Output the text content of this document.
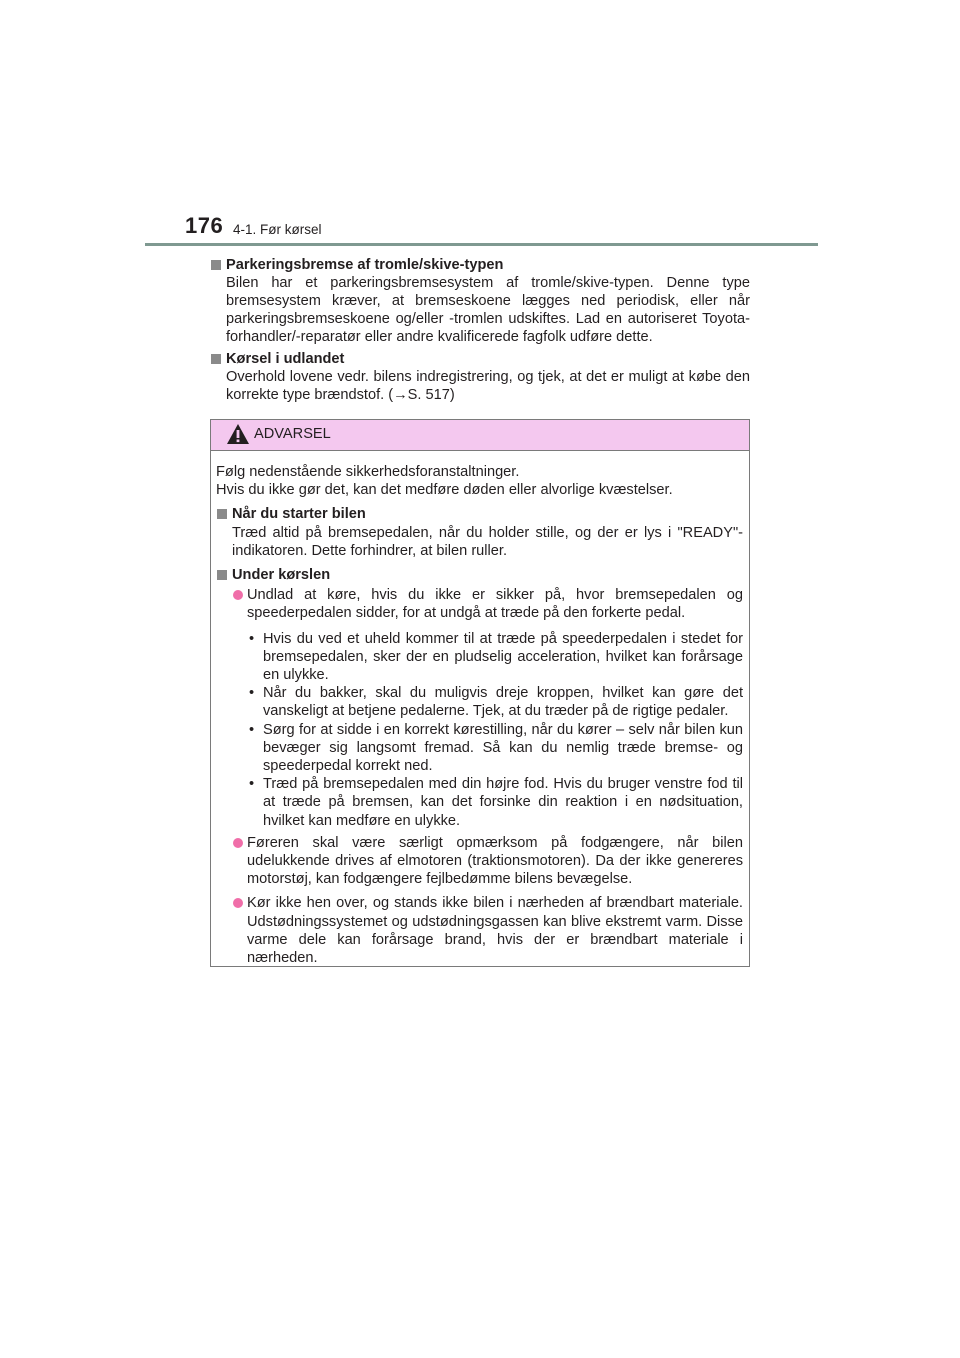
176 4-1. Før kørsel
Parkeringsbremse af tromle/skive-typen
Bilen har et parkeringsbremsesystem af tromle/skive-typen. Denne type bremsesystem kræver, at bremseskoene lægges ned periodisk, eller når parkeringsbremseskoene og/eller -tromlen udskiftes. Lad en autoriseret Toyota-forhandler/-reparatør eller andre kvalificerede fagfolk udføre dette.
Kørsel i udlandet
Overhold lovene vedr. bilens indregistrering, og tjek, at det er muligt at købe den korrekte type brændstof. (→S. 517)
ADVARSEL
Følg nedenstående sikkerhedsforanstaltninger.
Hvis du ikke gør det, kan det medføre døden eller alvorlige kvæstelser.
Når du starter bilen
Træd altid på bremsepedalen, når du holder stille, og der er lys i "READY"-indikatoren. Dette forhindrer, at bilen ruller.
Under kørslen
Undlad at køre, hvis du ikke er sikker på, hvor bremsepedalen og speederpedalen sidder, for at undgå at træde på den forkerte pedal.
• Hvis du ved et uheld kommer til at træde på speederpedalen i stedet for bremsepedalen, sker der en pludselig acceleration, hvilket kan forårsage en ulykke.
• Når du bakker, skal du muligvis dreje kroppen, hvilket kan gøre det vanskeligt at betjene pedalerne. Tjek, at du træder på de rigtige pedaler.
• Sørg for at sidde i en korrekt kørestilling, når du kører – selv når bilen kun bevæger sig langsomt fremad. Så kan du nemlig træde bremse- og speederpedal korrekt ned.
• Træd på bremsepedalen med din højre fod. Hvis du bruger venstre fod til at træde på bremsen, kan det forsinke din reaktion i en nødsituation, hvilket kan medføre en ulykke.
Føreren skal være særligt opmærksom på fodgængere, når bilen udelukkende drives af elmotoren (traktionsmotoren). Da der ikke genereres motorstøj, kan fodgængere fejlbedømme bilens bevægelse.
Kør ikke hen over, og stands ikke bilen i nærheden af brændbart materiale. Udstødningssystemet og udstødningsgassen kan blive ekstremt varm. Disse varme dele kan forårsage brand, hvis der er brændbart materiale i nærheden.
